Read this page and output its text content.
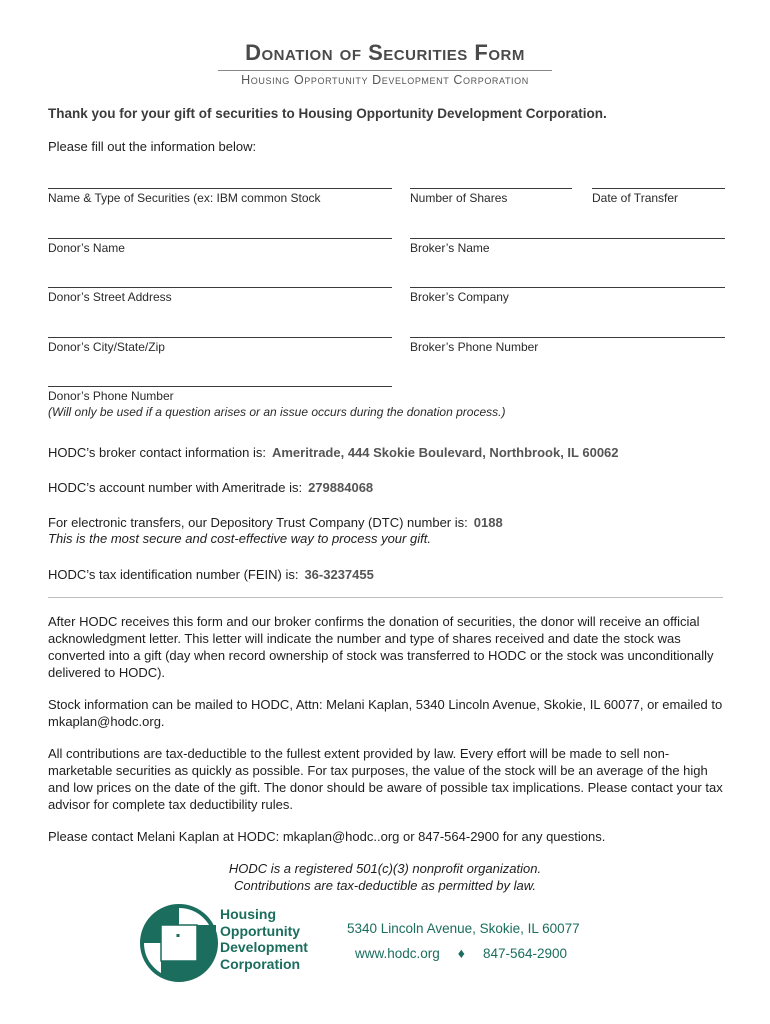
Donation of Securities Form
Housing Opportunity Development Corporation
Thank you for your gift of securities to Housing Opportunity Development Corporation.
Please fill out the information below:
Name & Type of Securities (ex: IBM common Stock	Number of Shares	Date of Transfer
Donor’s Name	Broker’s Name
Donor’s Street Address	Broker’s Company
Donor’s City/State/Zip	Broker’s Phone Number
Donor’s Phone Number
(Will only be used if a question arises or an issue occurs during the donation process.)
HODC’s broker contact information is: Ameritrade, 444 Skokie Boulevard, Northbrook, IL 60062
HODC’s account number with Ameritrade is: 279884068
For electronic transfers, our Depository Trust Company (DTC) number is: 0188
This is the most secure and cost-effective way to process your gift.
HODC’s tax identification number (FEIN) is: 36-3237455

After HODC receives this form and our broker confirms the donation of securities, the donor will receive an official acknowledgment letter. This letter will indicate the number and type of shares received and date the stock was converted into a gift (day when record ownership of stock was transferred to HODC or the stock was unconditionally delivered to HODC).

Stock information can be mailed to HODC, Attn: Melani Kaplan, 5340 Lincoln Avenue, Skokie, IL 60077, or emailed to mkaplan@hodc.org.

All contributions are tax-deductible to the fullest extent provided by law. Every effort will be made to sell non-marketable securities as quickly as possible. For tax purposes, the value of the stock will be an average of the high and low prices on the date of the gift. The donor should be aware of possible tax implications. Please contact your tax advisor for complete tax deductibility rules.

Please contact Melani Kaplan at HODC: mkaplan@hodc..org or 847-564-2900 for any questions.

HODC is a registered 501(c)(3) nonprofit organization.
Contributions are tax-deductible as permitted by law.
Housing
Opportunity
Development
Corporation
5340 Lincoln Avenue, Skokie, IL 60077
www.hodc.org ♦ 847-564-2900
